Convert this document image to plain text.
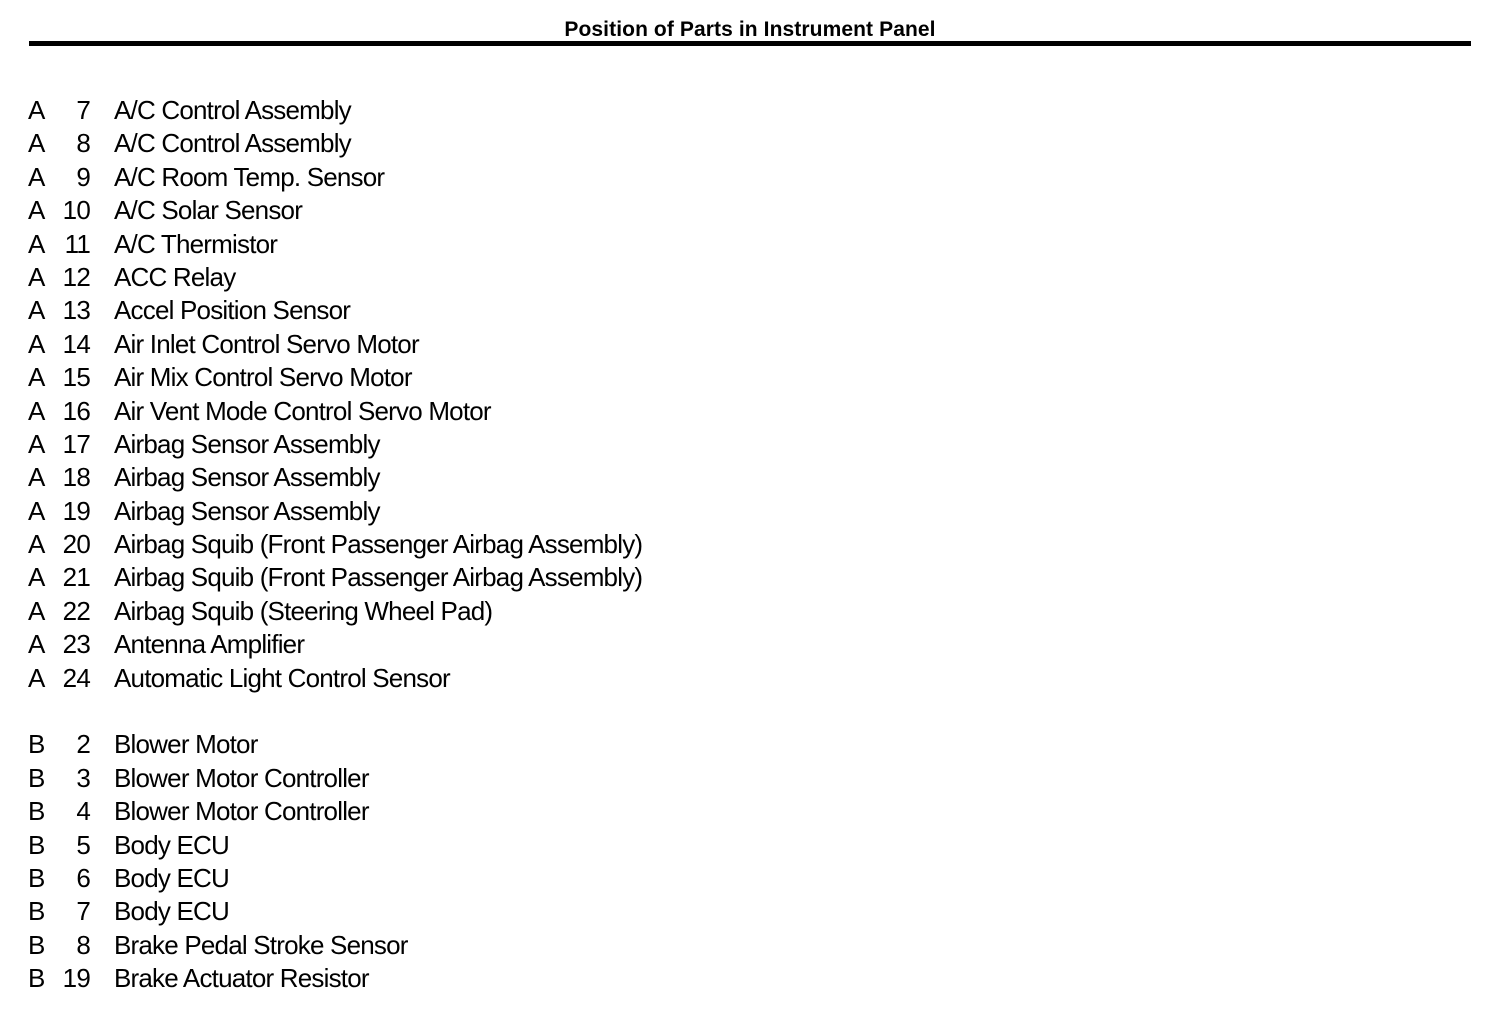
Position of Parts in Instrument Panel
A	7 A/C Control Assembly
A	8 A/C Control Assembly
A	9 A/C Room Temp. Sensor
A 10 A/C Solar Sensor
A 11 A/C Thermistor
A 12 ACC Relay
A 13 Accel Position Sensor
A 14 Air Inlet Control Servo Motor
A 15 Air Mix Control Servo Motor
A 16 Air Vent Mode Control Servo Motor
A 17 Airbag Sensor Assembly
A 18 Airbag Sensor Assembly
A 19 Airbag Sensor Assembly
A 20 Airbag Squib (Front Passenger Airbag Assembly)
A 21 Airbag Squib (Front Passenger Airbag Assembly)
A 22 Airbag Squib (Steering Wheel Pad)
A 23 Antenna Amplifier
A 24 Automatic Light Control Sensor
B	2 Blower Motor
B	3 Blower Motor Controller
B	4 Blower Motor Controller
B	5 Body ECU
B	6 Body ECU
B	7 Body ECU
B	8 Brake Pedal Stroke Sensor
B 19 Brake Actuator Resistor
